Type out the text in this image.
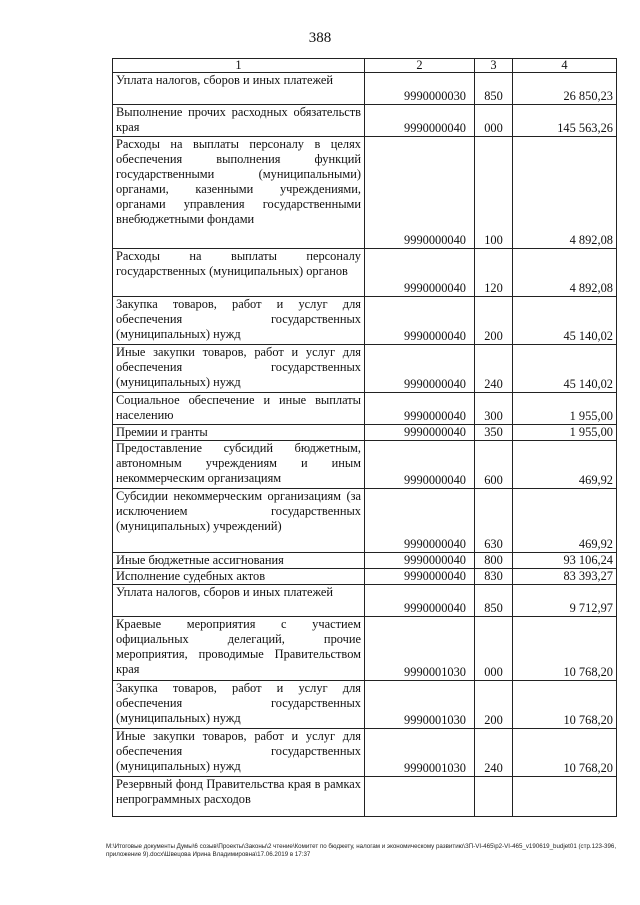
388
1	2	3	4
Уплата налогов, сборов и иных платежей	9990000030	850	26 850,23
Выполнение прочих расходных обязательств края	9990000040	000	145 563,26
Расходы на выплаты персоналу в целях обеспечения выполнения функций государственными (муниципальными) органами, казенными учреждениями, органами управления государственными внебюджетными фондами	9990000040	100	4 892,08
Расходы на выплаты персоналу государственных (муниципальных) органов	9990000040	120	4 892,08
Закупка товаров, работ и услуг для обеспечения государственных (муниципальных) нужд	9990000040	200	45 140,02
Иные закупки товаров, работ и услуг для обеспечения государственных (муниципальных) нужд	9990000040	240	45 140,02
Социальное обеспечение и иные выплаты населению	9990000040	300	1 955,00
Премии и гранты	9990000040	350	1 955,00
Предоставление субсидий бюджетным, автономным учреждениям и иным некоммерческим организациям	9990000040	600	469,92
Субсидии некоммерческим организациям (за исключением государственных (муниципальных) учреждений)	9990000040	630	469,92
Иные бюджетные ассигнования	9990000040	800	93 106,24
Исполнение судебных актов	9990000040	830	83 393,27
Уплата налогов, сборов и иных платежей	9990000040	850	9 712,97
Краевые мероприятия с участием официальных делегаций, прочие мероприятия, проводимые Правительством края	9990001030	000	10 768,20
Закупка товаров, работ и услуг для обеспечения государственных (муниципальных) нужд	9990001030	200	10 768,20
Иные закупки товаров, работ и услуг для обеспечения государственных (муниципальных) нужд	9990001030	240	10 768,20
Резервный фонд Правительства края в рамках непрограммных расходов			
M:\Итоговые документы Думы\6 созыв\Проекты\Законы\2 чтение\Комитет по бюджету, налогам и экономическому развитию\ЗП-VI-465\p2-VI-465_v190619_budjet01 (стр.123-396, приложение 9).docx\Швецова Ирина Владимировна\17.06.2019 в 17:37
